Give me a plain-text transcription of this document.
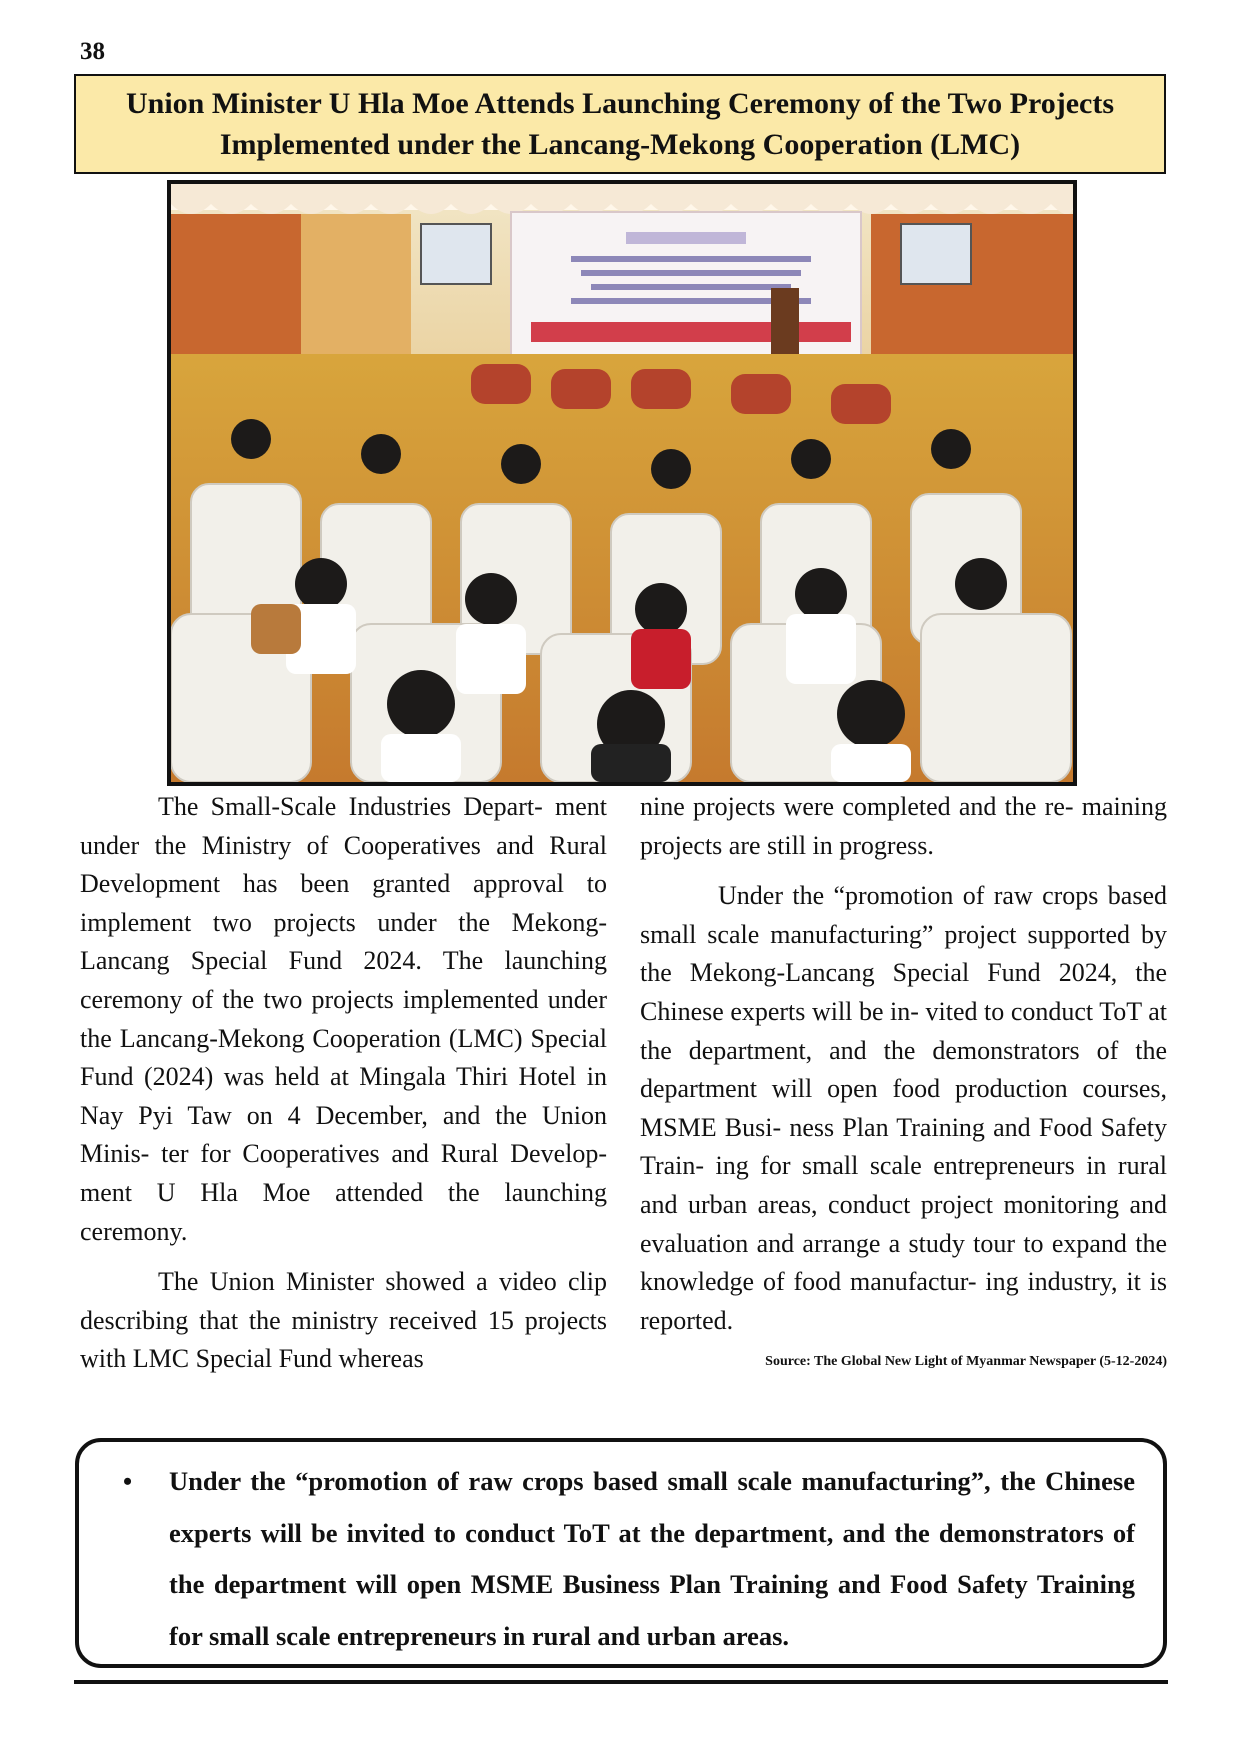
38
Union Minister U Hla Moe Attends Launching Ceremony of the Two Projects
Implemented under the Lancang-Mekong Cooperation (LMC)

The Small-Scale Industries Depart- ment under the Ministry of Cooperatives and Rural Development has been granted approval to implement two projects under the Mekong-Lancang Special Fund 2024. The launching ceremony of the two projects implemented under the Lancang-Mekong Cooperation (LMC) Special Fund (2024) was held at Mingala Thiri Hotel in Nay Pyi Taw on 4 December, and the Union Minis- ter for Cooperatives and Rural Develop- ment U Hla Moe attended the launching ceremony.

The Union Minister showed a video clip describing that the ministry received 15 projects with LMC Special Fund whereas

nine projects were completed and the re- maining projects are still in progress.

Under the “promotion of raw crops based small scale manufacturing” project supported by the Mekong-Lancang Special Fund 2024, the Chinese experts will be in- vited to conduct ToT at the department, and the demonstrators of the department will open food production courses, MSME Busi- ness Plan Training and Food Safety Train- ing for small scale entrepreneurs in rural and urban areas, conduct project monitoring and evaluation and arrange a study tour to expand the knowledge of food manufactur- ing industry, it is reported.

Source: The Global New Light of Myanmar Newspaper (5-12-2024)
• Under the “promotion of raw crops based small scale manufacturing”, the Chinese experts will be invited to conduct ToT at the department, and the demonstrators of the department will open MSME Business Plan Training and Food Safety Training for small scale entrepreneurs in rural and urban areas.
